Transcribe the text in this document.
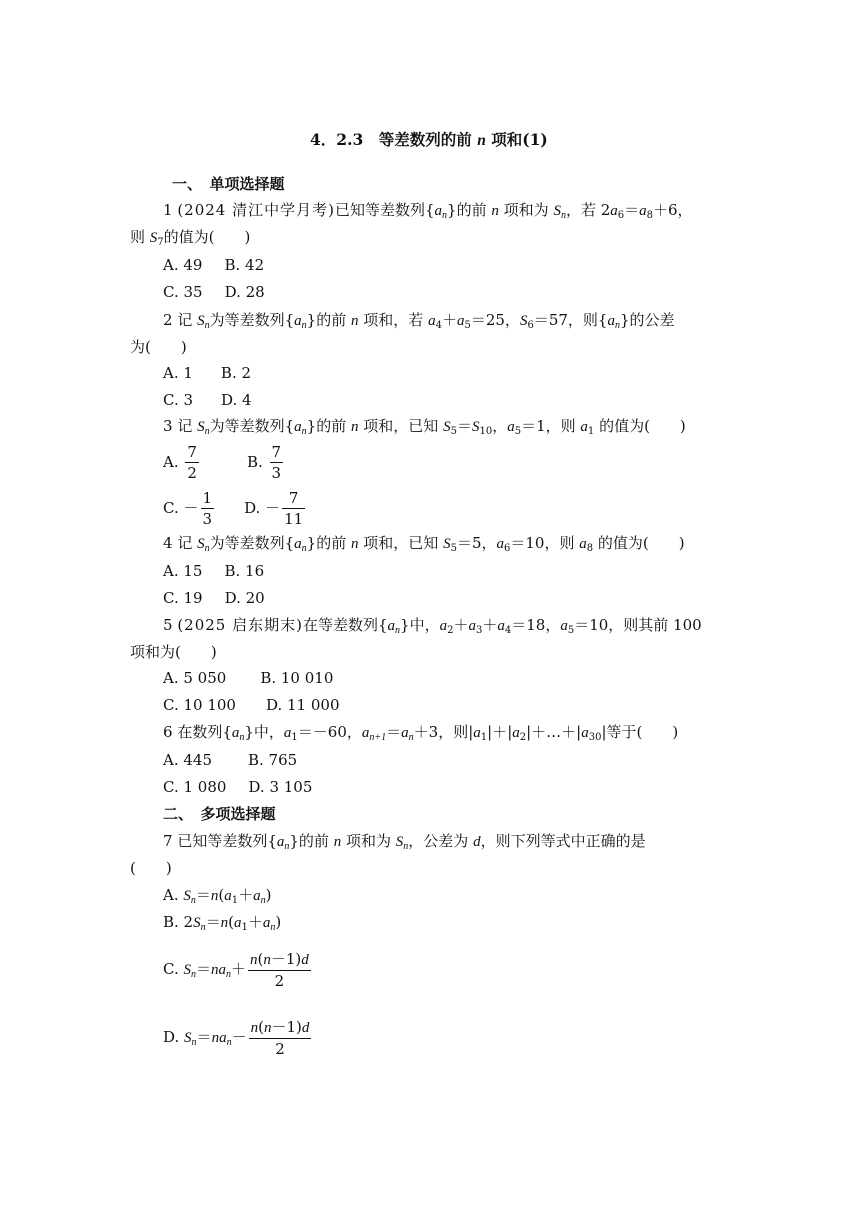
4．2.3　 等差数列的前 n 项和(1)
一、　单项选择题
1 (2024 清江中学月考)已知等差数列$\{a_n\}$的前 n 项和为 $S_n$，若 $2a_6=a_8+6$，
则 $S_7$的值为(　　)
A. 49 B. 42
C. 35 D. 28
2 记 $S_n$为等差数列$\{a_n\}$的前 n 项和，若 $a_4+a_5=25$，$S_6=57$，则$\{a_n\}$的公差
为(　　)
A. 1 B. 2
C. 3 D. 4
3 记 $S_n$为等差数列$\{a_n\}$的前 n 项和，已知 $S_5=S_{10}$，$a_5=1$，则 $a_1$ 的值为(　　)
A. $\frac{7}{2}$	B. $\frac{7}{3}$
C. － $\frac{1}{3} D$. － $\frac{7}{11}$
4 记 $S_n$为等差数列$\{a_n\}$的前 n 项和，已知 $S_5=5$，$a_6=10$，则 $a_8$ 的值为(　　)
A. 15 B. 16
C. 19 D. 20
5 (2025 启东期末)在等差数列$\{a_n\}$中，$a_2+a_3+a_4=18$，$a_5=10$，则其前 100
项和为(　　)
A. 5 050 B. 10 010
C. 10 100 D. 11 000
6 在数列$\{a_n\}$中，$a_1=-60$，$a_{n+1}=a_n+3$，则$|a_1|+|a_2|+\dots+|a_{30}|$等于(　　)
A. 445 B. 765
C. 1 080 D. 3 105
二、　多项选择题
7 已知等差数列$\{a_n\}$的前 n 项和为 $S_n$，公差为 d，则下列等式中正确的是
(　　)
A. $S_n=n(a_1+a_n)$
B. $2S_n=n(a_1+a_n)$
C. $S_n=na_n+ \frac{n(n-1)d}{2}$
D. $S_n=na_n- \frac{n(n-1)d}{2}$
